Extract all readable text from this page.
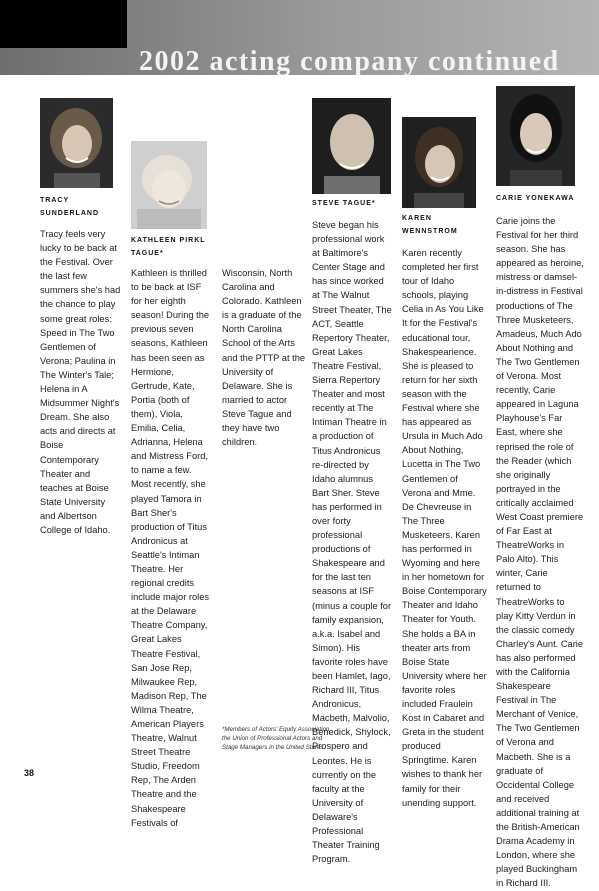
2002 acting company continued
TRACY
SUNDERLAND
KATHLEEN PIRKL
TAGUE*
STEVE TAGUE*
KAREN
WENNSTROM
CARIE YONEKAWA

Tracy feels very lucky to be back at the Festival. Over the last few summers she's had the chance to play some great roles: Speed in The Two Gentlemen of Verona; Paulina in The Winter's Tale; Helena in A Midsummer Night's Dream. She also acts and directs at Boise Contemporary Theater and teaches at Boise State University and Albertson College of Idaho.

Kathleen is thrilled to be back at ISF for her eighth season! During the previous seven seasons, Kathleen has been seen as Hermione, Gertrude, Kate, Portia (both of them), Viola, Emilia, Celia, Adrianna, Helena and Mistress Ford, to name a few. Most recently, she played Tamora in Bart Sher's production of Titus Andronicus at Seattle's Intiman Theatre. Her regional credits include major roles at the Delaware Theatre Company, Great Lakes Theatre Festival, San Jose Rep, Milwaukee Rep, Madison Rep, The Wilma Theatre, American Players Theatre, Walnut Street Theatre Studio, Freedom Rep, The Arden Theatre and the Shakespeare Festivals of

Wisconsin, North Carolina and Colorado. Kathleen is a graduate of the North Carolina School of the Arts and the PTTP at the University of Delaware. She is married to actor Steve Tague and they have two children.

Steve began his professional work at Baltimore's Center Stage and has since worked at The Walnut Street Theater, The ACT, Seattle Repertory Theater, Great Lakes Theatre Festival, Sierra Repertory Theater and most recently at The Intiman Theatre in a production of Titus Andronicus re-directed by Idaho alumnus Bart Sher. Steve has performed in over forty professional productions of Shakespeare and for the last ten seasons at ISF (minus a couple for family expansion, a.k.a. Isabel and Simon). His favorite roles have been Hamlet, Iago, Richard III, Titus Andronicus, Macbeth, Malvolio, Benedick, Shylock, Prospero and Leontes. He is currently on the faculty at the University of Delaware's Professional Theater Training Program.

Karen recently completed her first tour of Idaho schools, playing Celia in As You Like It for the Festival's educational tour, Shakespearience. She is pleased to return for her sixth season with the Festival where she has appeared as Ursula in Much Ado About Nothing, Lucetta in The Two Gentlemen of Verona and Mme. De Chevreuse in The Three Musketeers. Karen has performed in Wyoming and here in her hometown for Boise Contemporary Theater and Idaho Theater for Youth. She holds a BA in theater arts from Boise State University where her favorite roles included Fraulein Kost in Cabaret and Greta in the student produced Springtime. Karen wishes to thank her family for their unending support.

Carie joins the Festival for her third season. She has appeared as heroine, mistress or damsel-in-distress in Festival productions of The Three Musketeers, Amadeus, Much Ado About Nothing and The Two Gentlemen of Verona. Most recently, Carie appeared in Laguna Playhouse's Far East, where she reprised the role of the Reader (which she originally portrayed in the critically acclaimed West Coast premiere of Far East at TheatreWorks in Palo Alto). This winter, Carie returned to TheatreWorks to play Kitty Verdun in the classic comedy Charley's Aunt. Carie has also performed with the California Shakespeare Festival in The Merchant of Venice, The Two Gentlemen of Verona and Macbeth. She is a graduate of Occidental College and received additional training at the British-American Drama Academy in London, where she played Buckingham in Richard III.

*Members of Actors' Equity Association, the Union of Professional Actors and Stage Managers in the United States
38
